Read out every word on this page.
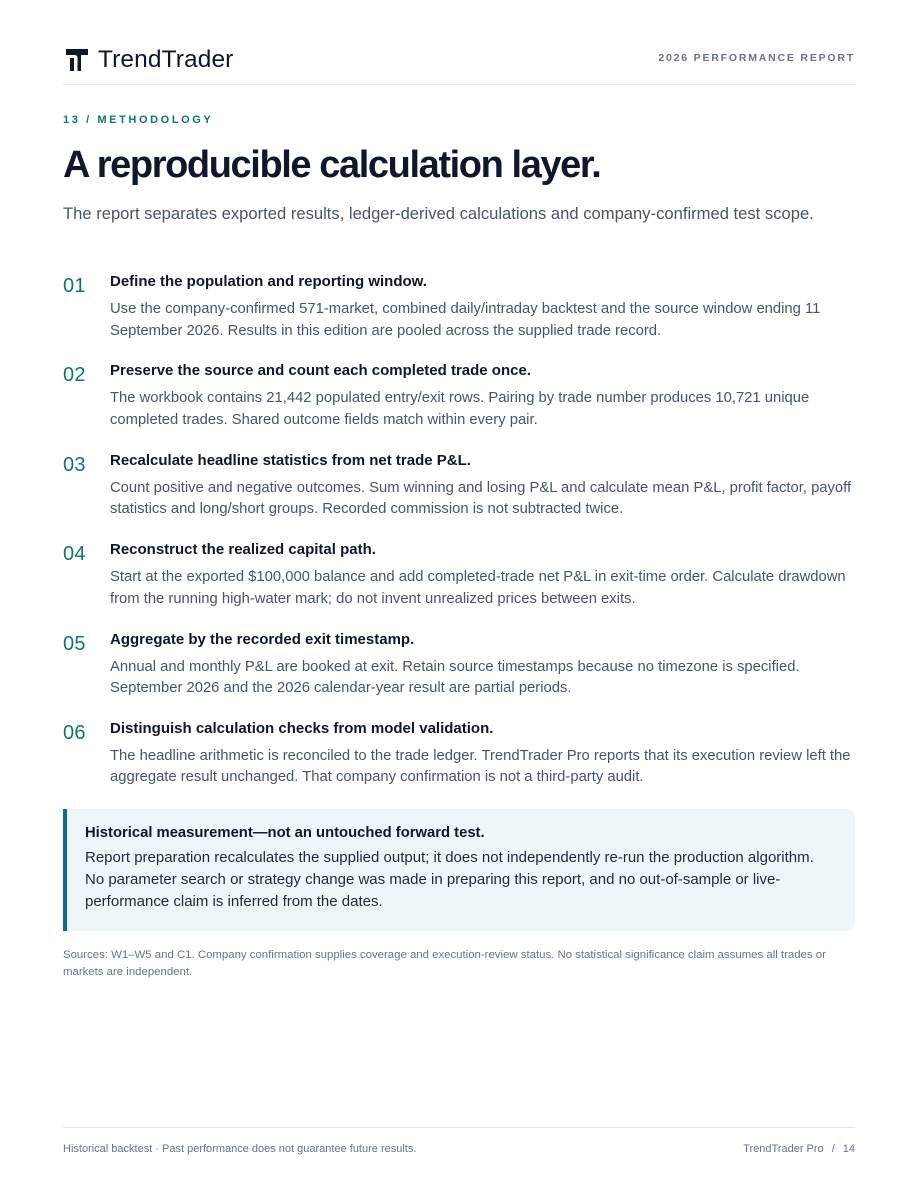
TrendTrader	2026 PERFORMANCE REPORT
13 / METHODOLOGY
A reproducible calculation layer.

The report separates exported results, ledger-derived calculations and company-confirmed test scope.

01 Define the population and reporting window.
Use the company-confirmed 571-market, combined daily/intraday backtest and the source window ending 11 September 2026. Results in this edition are pooled across the supplied trade record.
02 Preserve the source and count each completed trade once.
The workbook contains 21,442 populated entry/exit rows. Pairing by trade number produces 10,721 unique completed trades. Shared outcome fields match within every pair.
03 Recalculate headline statistics from net trade P&L.
Count positive and negative outcomes. Sum winning and losing P&L and calculate mean P&L, profit factor, payoff statistics and long/short groups. Recorded commission is not subtracted twice.
04 Reconstruct the realized capital path.
Start at the exported $100,000 balance and add completed-trade net P&L in exit-time order. Calculate drawdown from the running high-water mark; do not invent unrealized prices between exits.
05 Aggregate by the recorded exit timestamp.
Annual and monthly P&L are booked at exit. Retain source timestamps because no timezone is specified. September 2026 and the 2026 calendar-year result are partial periods.
06 Distinguish calculation checks from model validation.
The headline arithmetic is reconciled to the trade ledger. TrendTrader Pro reports that its execution review left the aggregate result unchanged. That company confirmation is not a third-party audit.
Historical measurement—not an untouched forward test.
Report preparation recalculates the supplied output; it does not independently re-run the production algorithm. No parameter search or strategy change was made in preparing this report, and no out-of-sample or live-performance claim is inferred from the dates.

Sources: W1–W5 and C1. Company confirmation supplies coverage and execution-review status. No statistical significance claim assumes all trades or markets are independent.

Historical backtest · Past performance does not guarantee future results.	TrendTrader Pro / 14
